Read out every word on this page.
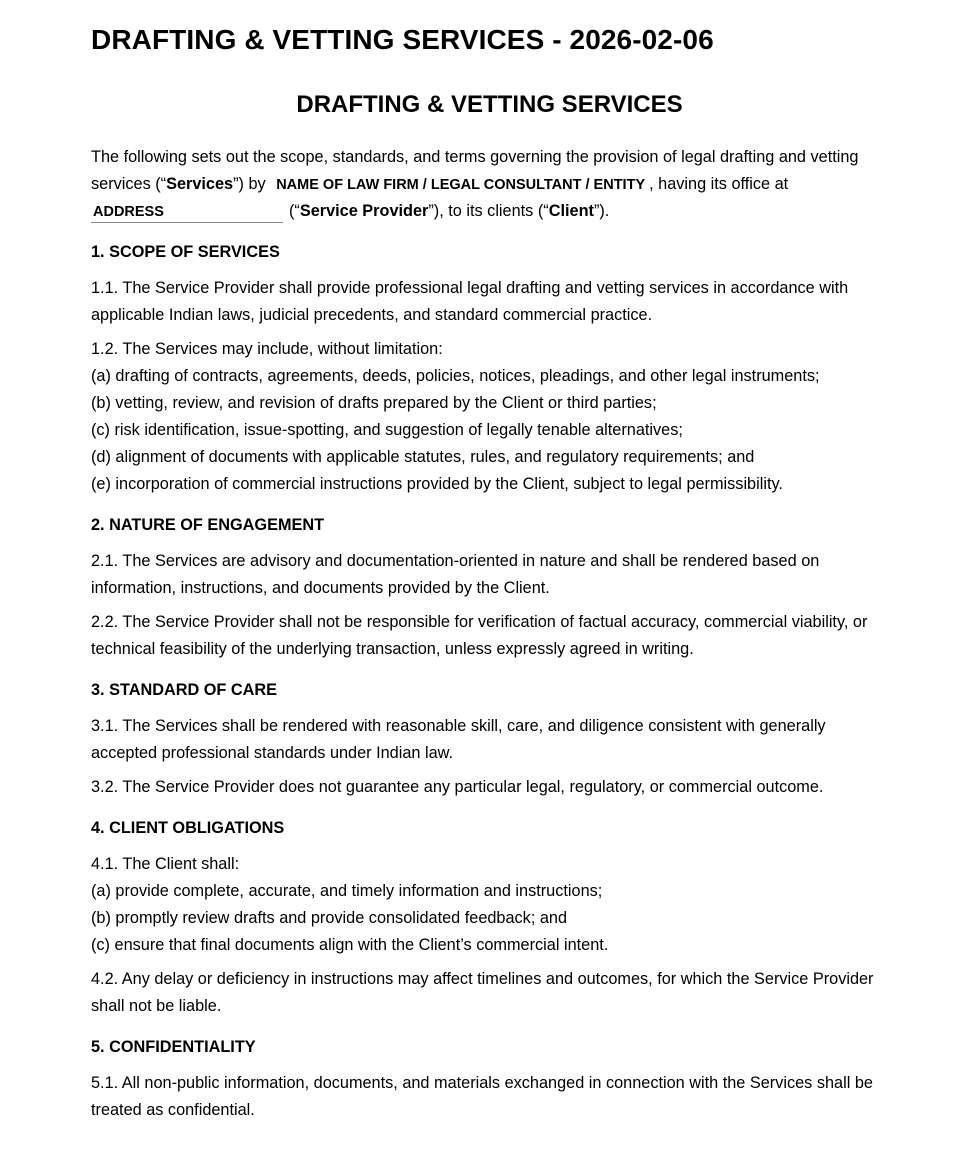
DRAFTING & VETTING SERVICES - 2026-02-06
DRAFTING & VETTING SERVICES

The following sets out the scope, standards, and terms governing the provision of legal drafting and vetting services (“Services”) by NAME OF LAW FIRM / LEGAL CONSULTANT / ENTITY , having its office at
ADDRESS	(“Service Provider”), to its clients (“Client”).

1. SCOPE OF SERVICES
1.1. The Service Provider shall provide professional legal drafting and vetting services in accordance with applicable Indian laws, judicial precedents, and standard commercial practice.
1.2. The Services may include, without limitation:
(a) drafting of contracts, agreements, deeds, policies, notices, pleadings, and other legal instruments;
(b) vetting, review, and revision of drafts prepared by the Client or third parties;
(c) risk identification, issue-spotting, and suggestion of legally tenable alternatives;
(d) alignment of documents with applicable statutes, rules, and regulatory requirements; and
(e) incorporation of commercial instructions provided by the Client, subject to legal permissibility.
2. NATURE OF ENGAGEMENT
2.1. The Services are advisory and documentation-oriented in nature and shall be rendered based on information, instructions, and documents provided by the Client.
2.2. The Service Provider shall not be responsible for verification of factual accuracy, commercial viability, or technical feasibility of the underlying transaction, unless expressly agreed in writing.
3. STANDARD OF CARE
3.1. The Services shall be rendered with reasonable skill, care, and diligence consistent with generally accepted professional standards under Indian law.
3.2. The Service Provider does not guarantee any particular legal, regulatory, or commercial outcome.
4. CLIENT OBLIGATIONS
4.1. The Client shall:
(a) provide complete, accurate, and timely information and instructions;
(b) promptly review drafts and provide consolidated feedback; and
(c) ensure that final documents align with the Client’s commercial intent.
4.2. Any delay or deficiency in instructions may affect timelines and outcomes, for which the Service Provider shall not be liable.
5. CONFIDENTIALITY
5.1. All non-public information, documents, and materials exchanged in connection with the Services shall be treated as confidential.
